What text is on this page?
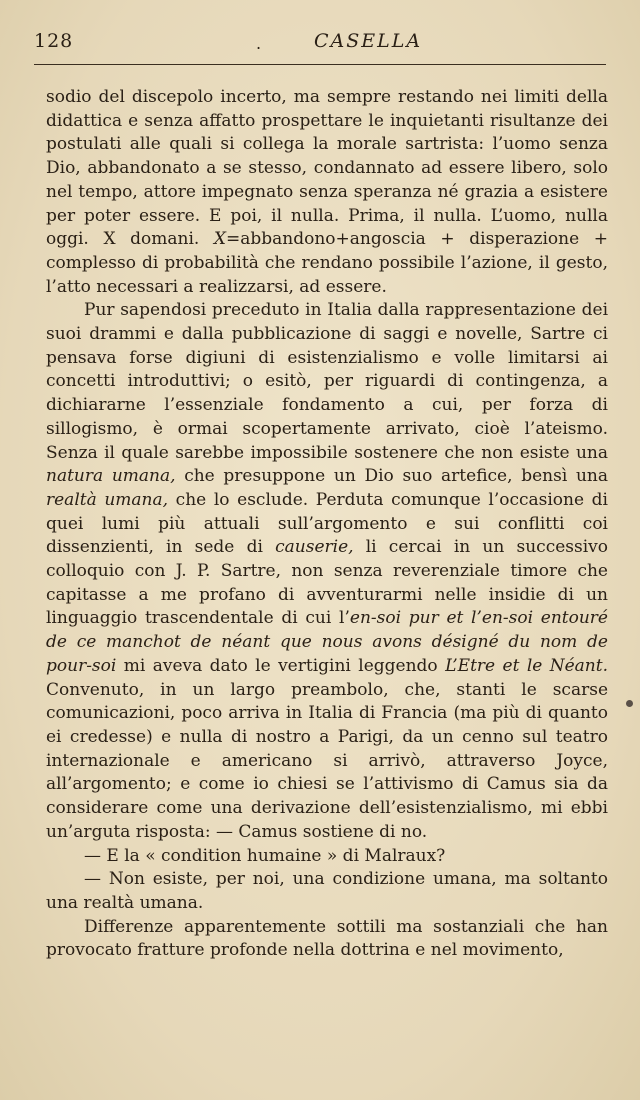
128	.	CASELLA

sodio del discepolo incerto, ma sempre restando nei limiti della didattica e senza affatto prospettare le inquietanti risultanze dei postulati alle quali si collega la morale sartrista: l’uomo senza Dio, abbandonato a se stesso, condannato ad essere libero, solo nel tempo, attore impegnato senza speranza né grazia a esistere per poter essere. E poi, il nulla. Prima, il nulla. L’uomo, nulla oggi. X domani. X=abbandono+angoscia + disperazione + complesso di probabilità che rendano possibile l’azione, il gesto, l’atto necessari a realizzarsi, ad essere.

Pur sapendosi preceduto in Italia dalla rappresentazione dei suoi drammi e dalla pubblicazione di saggi e novelle, Sartre ci pensava forse digiuni di esistenzialismo e volle limitarsi ai concetti introduttivi; o esitò, per riguardi di contingenza, a dichiararne l’essenziale fondamento a cui, per forza di sillogismo, è ormai scopertamente arrivato, cioè l’ateismo. Senza il quale sarebbe impossibile sostenere che non esiste una natura umana, che presuppone un Dio suo artefice, bensì una realtà umana, che lo esclude. Perduta comunque l’occasione di quei lumi più attuali sull’argomento e sui conflitti coi dissenzienti, in sede di causerie, li cercai in un successivo colloquio con J. P. Sartre, non senza reverenziale timore che capitasse a me profano di avventurarmi nelle insidie di un linguaggio trascendentale di cui l’en-soi pur et l’en-soi entouré de ce manchot de néant que nous avons désigné du nom de pour-soi mi aveva dato le vertigini leggendo L’Etre et le Néant. Convenuto, in un largo preambolo, che, stanti le scarse comunicazioni, poco arriva in Italia di Francia (ma più di quanto ei credesse) e nulla di nostro a Parigi, da un cenno sul teatro internazionale e americano si arrivò, attraverso Joyce, all’argomento; e come io chiesi se l’attivismo di Camus sia da considerare come una derivazione dell’esistenzialismo, mi ebbi un’arguta risposta: — Camus sostiene di no.

— E la « condition humaine » di Malraux?

— Non esiste, per noi, una condizione umana, ma soltanto una realtà umana.

Differenze apparentemente sottili ma sostanziali che han provocato fratture profonde nella dottrina e nel movimento,
